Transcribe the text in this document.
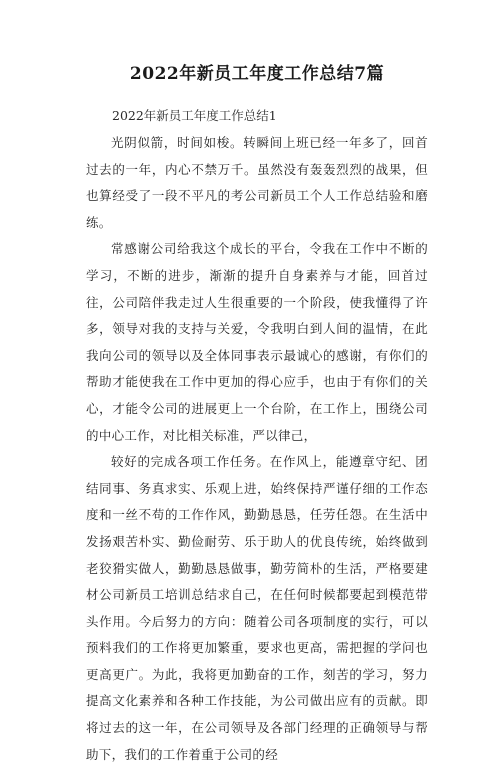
2022年新员工年度工作总结7篇
2022年新员工年度工作总结1

光阴似箭，时间如梭。转瞬间上班已经一年多了，回首过去的一年，内心不禁万千。虽然没有轰轰烈烈的战果，但也算经受了一段不平凡的考公司新员工个人工作总结验和磨练。

常感谢公司给我这个成长的平台，令我在工作中不断的学习，不断的进步，渐渐的提升自身素养与才能，回首过往，公司陪伴我走过人生很重要的一个阶段，使我懂得了许多，领导对我的支持与关爱，令我明白到人间的温情，在此我向公司的领导以及全体同事表示最诚心的感谢，有你们的帮助才能使我在工作中更加的得心应手，也由于有你们的关心，才能令公司的进展更上一个台阶，在工作上，围绕公司的中心工作，对比相关标准，严以律己，

较好的完成各项工作任务。在作风上，能遵章守纪、团结同事、务真求实、乐观上进，始终保持严谨仔细的工作态度和一丝不苟的工作作风，勤勤恳恳，任劳任怨。在生活中发扬艰苦朴实、勤俭耐劳、乐于助人的优良传统，始终做到老狡猾实做人，勤勤恳恳做事，勤劳简朴的生活，严格要建材公司新员工培训总结求自己，在任何时候都要起到模范带头作用。今后努力的方向：随着公司各项制度的实行，可以预料我们的工作将更加繁重，要求也更高，需把握的学问也更高更广。为此，我将更加勤奋的工作，刻苦的学习，努力提高文化素养和各种工作技能，为公司做出应有的贡献。即将过去的这一年，在公司领导及各部门经理的正确领导与帮助下，我们的工作着重于公司的经
